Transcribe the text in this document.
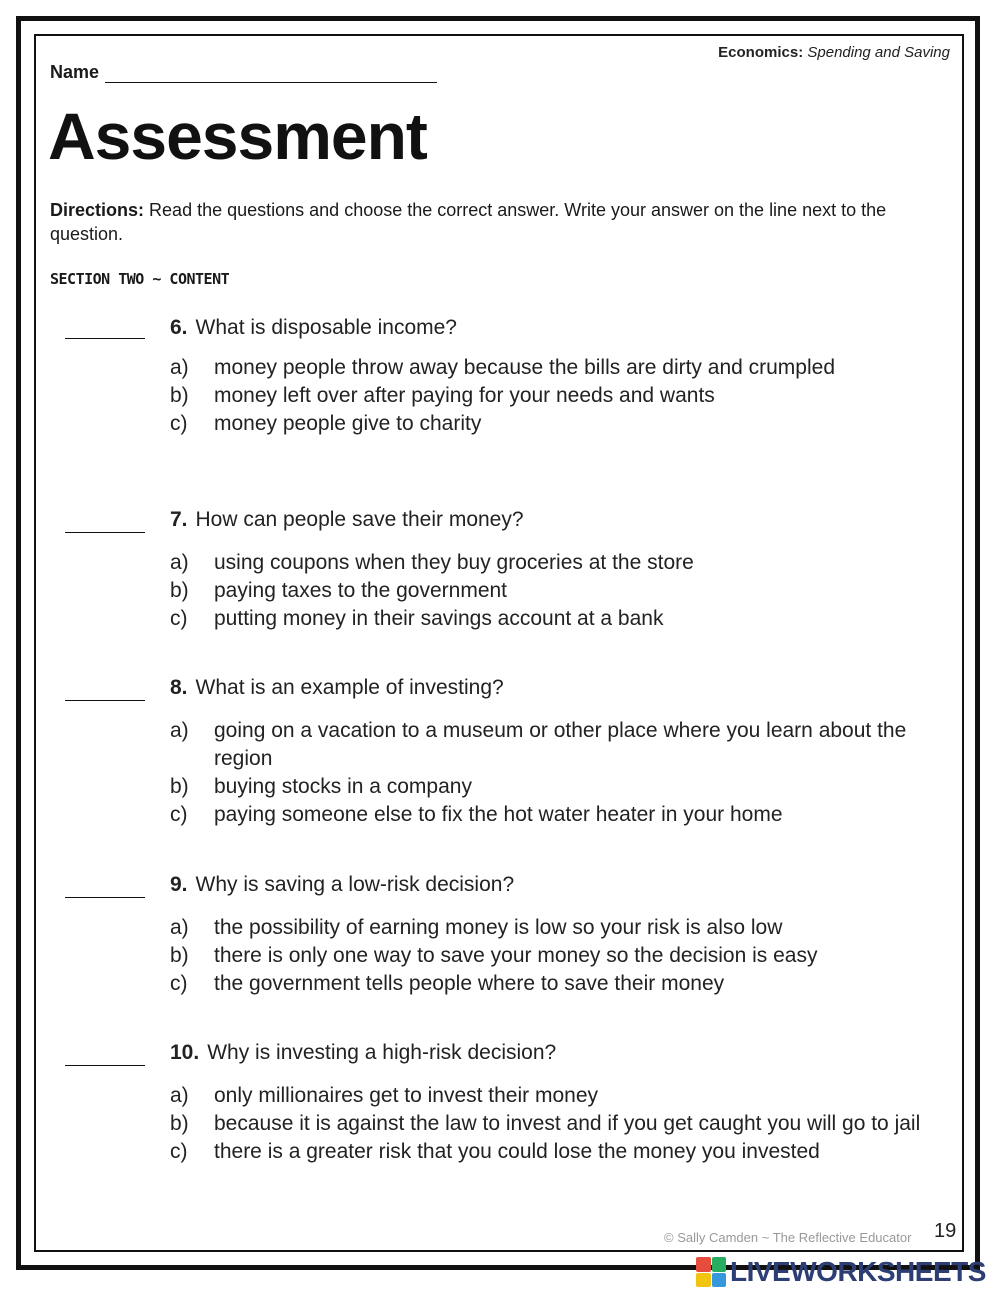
Economics: Spending and Saving
Name
Assessment
Directions: Read the questions and choose the correct answer. Write your answer on the line next to the question.
SECTION TWO ~ CONTENT
6. What is disposable income?
a)	money people throw away because the bills are dirty and crumpled
b)	money left over after paying for your needs and wants
c)	money people give to charity
7. How can people save their money?
a)	using coupons when they buy groceries at the store
b)	paying taxes to the government
c)	putting money in their savings account at a bank
8. What is an example of investing?
a)	going on a vacation to a museum or other place where you learn about the region
b)	buying stocks in a company
c)	paying someone else to fix the hot water heater in your home
9. Why is saving a low-risk decision?
a)	the possibility of earning money is low so your risk is also low
b)	there is only one way to save your money so the decision is easy
c)	the government tells people where to save their money
10. Why is investing a high-risk decision?
a)	only millionaires get to invest their money
b)	because it is against the law to invest and if you get caught you will go to jail
c)	there is a greater risk that you could lose the money you invested
© Sally Camden ~ The Reflective Educator 19
LIVEWORKSHEETS
